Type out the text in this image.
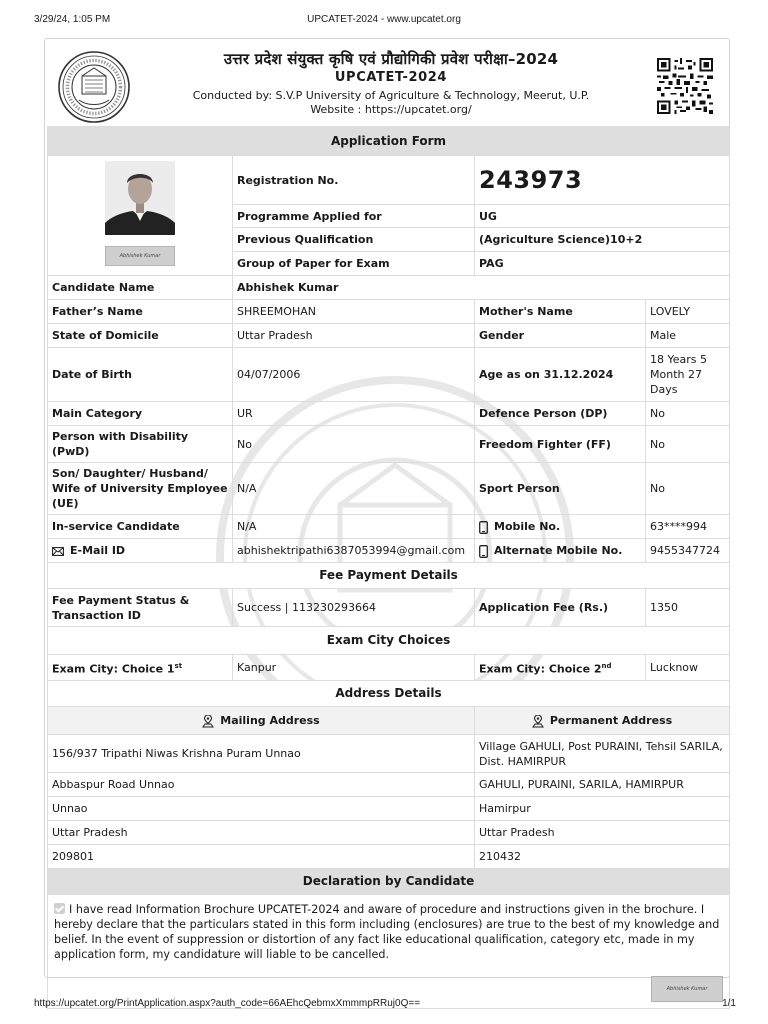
3/29/24, 1:05 PM	UPCATET-2024 - www.upcatet.org
उत्तर प्रदेश संयुक्त कृषि एवं प्रौद्योगिकी प्रवेश परीक्षा–2024
UPCATET-2024
Conducted by: S.V.P University of Agriculture & Technology, Meerut, U.P.
Website : https://upcatet.org/
Application Form			

Abhishek Kumar	Registration No.	243973	
	Programme Applied for	UG	
	Previous Qualification	(Agriculture Science)10+2	
	Group of Paper for Exam	PAG	
Candidate Name	Abhishek Kumar		
Father’s Name	SHREEMOHAN	Mother's Name	LOVELY
State of Domicile	Uttar Pradesh	Gender	Male
Date of Birth	04/07/2006	Age as on 31.12.2024	18 Years 5 Month 27 Days
Main Category	UR	Defence Person (DP)	No
Person with Disability (PwD)	No	Freedom Fighter (FF)	No
Son/ Daughter/ Husband/ Wife of University Employee (UE)	N/A	Sport Person	No
In-service Candidate	N/A	Mobile No.	63****994
E-Mail ID	abhishektripathi6387053994@gmail.com	Alternate Mobile No.	9455347724
Fee Payment Details			
Fee Payment Status & Transaction ID	Success | 113230293664	Application Fee (Rs.)	1350
Exam City Choices			
Exam City: Choice 1st	Kanpur	Exam City: Choice 2nd	Lucknow
Address Details			
Mailing Address		Permanent Address	
156/937 Tripathi Niwas Krishna Puram Unnao		Village GAHULI, Post PURAINI, Tehsil SARILA, Dist. HAMIRPUR	
Abbaspur Road Unnao		GAHULI, PURAINI, SARILA, HAMIRPUR	
Unnao		Hamirpur	
Uttar Pradesh		Uttar Pradesh	
209801		210432	
Declaration by Candidate			
I have read Information Brochure UPCATET-2024 and aware of procedure and instructions given in the brochure. I hereby declare that the particulars stated in this form including (enclosures) are true to the best of my knowledge and belief. In the event of suppression or distortion of any fact like educational qualification, category etc, made in my application form, my candidature will liable to be cancelled.
Abhishek Kumar			
https://upcatet.org/PrintApplication.aspx?auth_code=66AEhcQebmxXmmmpRRuj0Q==	1/1
